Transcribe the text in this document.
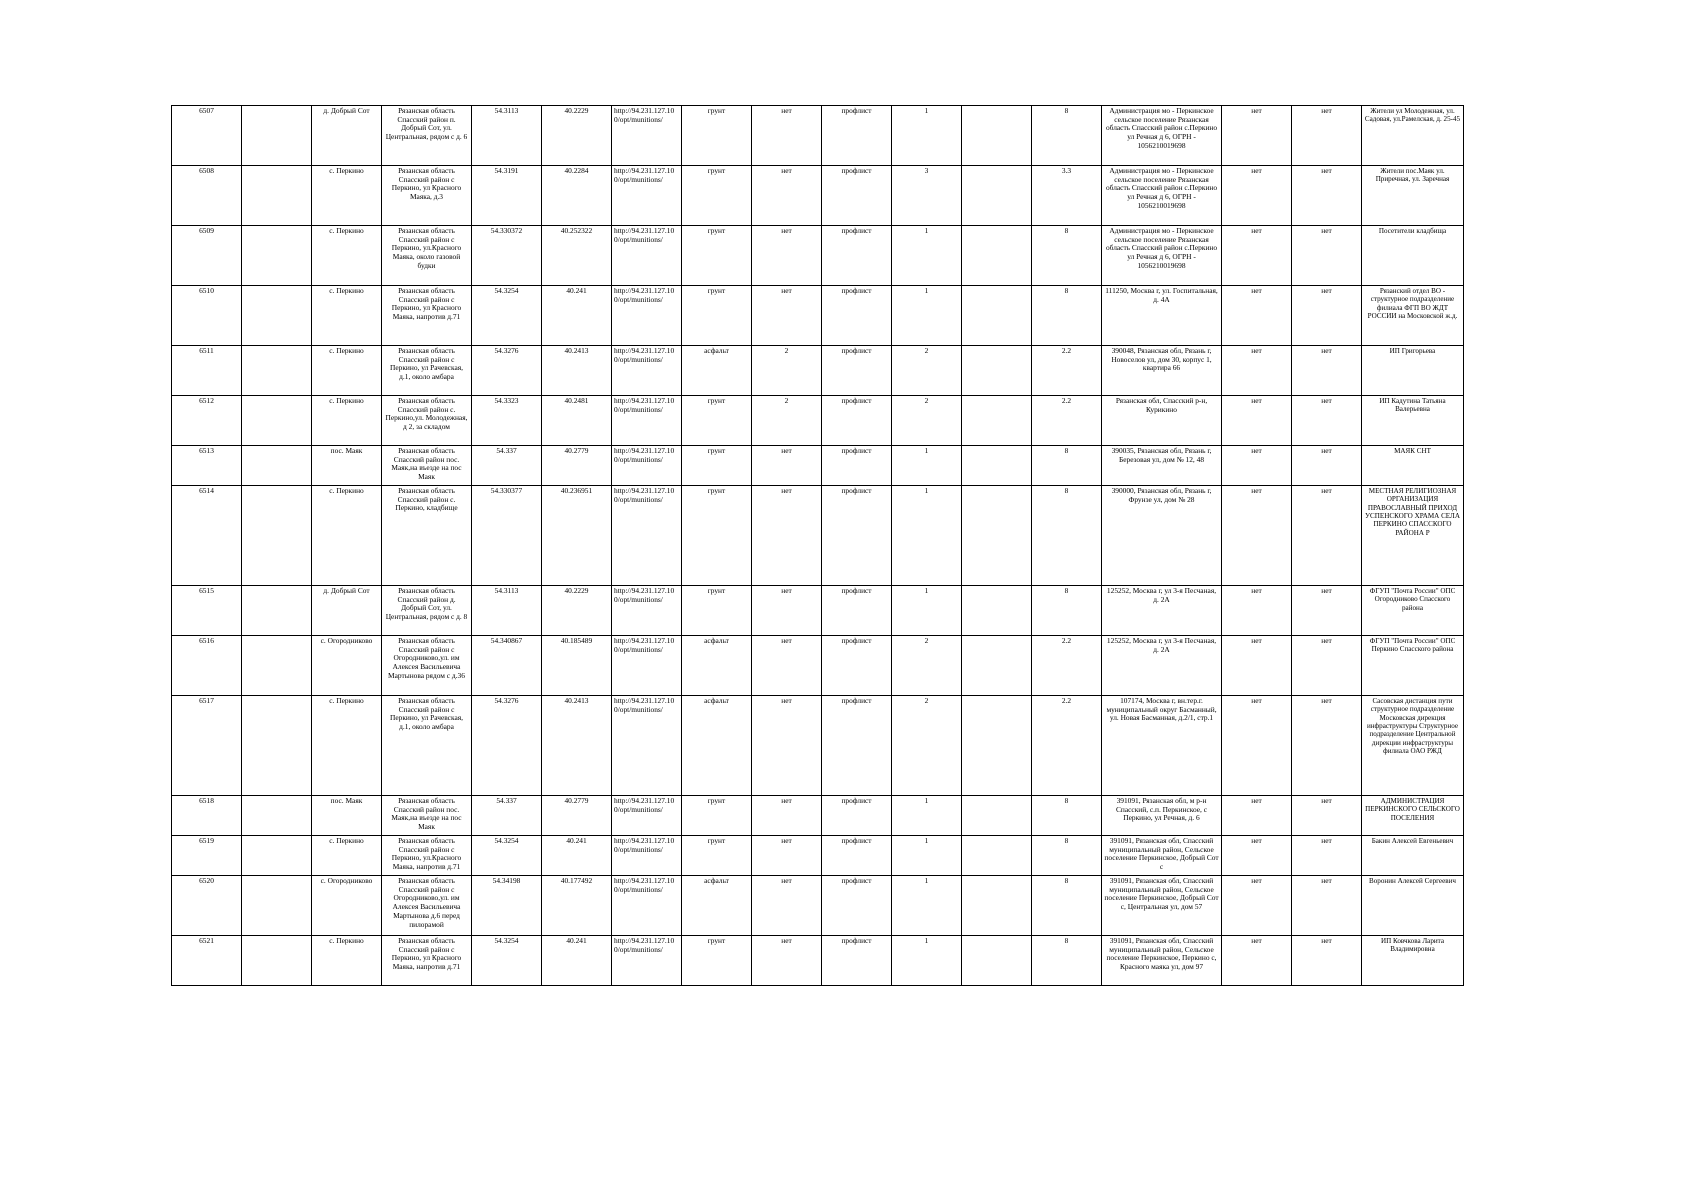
6507		д. Добрый Сот	Рязанская область Спасский район п. Добрый Сот, ул. Центральная, рядом с д. 6	54.3113	40.2229	http://94.231.127.10 0/opt/munitions/	грунт	нет	профлист	1		8	Администрация мо - Перкинское сельское поселение Рязанская область Спасский район с.Перкино ул Речная д 6, ОГРН - 1056210019698	нет	нет	Жители ул Молодежная, ул. Садовая, ул.Рамелская, д. 25-45
6508		с. Перкино	Рязанская область Спасский район с Перкино, ул Красного Маяка, д.3	54.3191	40.2284	http://94.231.127.10 0/opt/munitions/	грунт	нет	профлист	3		3.3	Администрация мо - Перкинское сельское поселение Рязанская область Спасский район с.Перкино ул Речная д 6, ОГРН - 1056210019698	нет	нет	Жители пос.Маяк ул. Приречная, ул. Заречная
6509		с. Перкино	Рязанская область Спасский район с Перкино, ул.Красного Маяка, около газовой будки	54.330372	40.252322	http://94.231.127.10 0/opt/munitions/	грунт	нет	профлист	1		8	Администрация мо - Перкинское сельское поселение Рязанская область Спасский район с.Перкино ул Речная д 6, ОГРН - 1056210019698	нет	нет	Посетители кладбища
6510		с. Перкино	Рязанская область Спасский район с Перкино, ул Красного Маяка, напротив д.71	54.3254	40.241	http://94.231.127.10 0/opt/munitions/	грунт	нет	профлист	1		8	111250, Москва г, ул. Госпитальная, д. 4А	нет	нет	Рязанский отдел ВО - структурное подразделение филиала ФГП ВО ЖДТ РОССИИ на Московской ж.д.
6511		с. Перкино	Рязанская область Спасский район с Перкино, ул Рачевская, д.1, около амбара	54.3276	40.2413	http://94.231.127.10 0/opt/munitions/	асфальт	2	профлист	2		2.2	390048, Рязанская обл, Рязань г, Новоселов ул, дом 30, корпус 1, квартира 66	нет	нет	ИП Григорьева
6512		с. Перкино	Рязанская область Спасский район с. Перкино,ул. Молодежная, д 2, за складом	54.3323	40.2481	http://94.231.127.10 0/opt/munitions/	грунт	2	профлист	2		2.2	Рязанская обл, Спасский р-н, Курикино	нет	нет	ИП Кадутина Татьяна Валерьевна
6513		пос. Маяк	Рязанская область Спасский район пос. Маяк,на въезде на пос Маяк	54.337	40.2779	http://94.231.127.10 0/opt/munitions/	грунт	нет	профлист	1		8	390035, Рязанская обл, Рязань г, Березовая ул, дом № 12, 48	нет	нет	МАЯК СНТ
6514		с. Перкино	Рязанская область Спасский район с. Перкино, кладбище	54.330377	40.236951	http://94.231.127.10 0/opt/munitions/	грунт	нет	профлист	1		8	390000, Рязанская обл, Рязань г, Фрунзе ул, дом № 28	нет	нет	МЕСТНАЯ РЕЛИГИОЗНАЯ ОРГАНИЗАЦИЯ ПРАВОСЛАВНЫЙ ПРИХОД УСПЕНСКОГО ХРАМА СЕЛА ПЕРКИНО СПАССКОГО РАЙОНА Р
6515		д. Добрый Сот	Рязанская область Спасский район д. Добрый Сот, ул. Центральная, рядом с д. 8	54.3113	40.2229	http://94.231.127.10 0/opt/munitions/	грунт	нет	профлист	1		8	125252, Москва г, ул 3-я Песчаная, д. 2А	нет	нет	ФГУП "Почта России" ОПС Огородниково Спасского района
6516		с. Огородниково	Рязанская область Спасский район с Огородниково,ул. им Алексея Васильевича Мартынова рядом с д.36	54.340867	40.185489	http://94.231.127.10 0/opt/munitions/	асфальт	нет	профлист	2		2.2	125252, Москва г, ул 3-я Песчаная, д. 2А	нет	нет	ФГУП "Почта России" ОПС Перкино Спасского района
6517		с. Перкино	Рязанская область Спасский район с Перкино, ул Рачевская, д.1, около амбара	54.3276	40.2413	http://94.231.127.10 0/opt/munitions/	асфальт	нет	профлист	2		2.2	107174, Москва г, вн.тер.г. муниципальный округ Басманный, ул. Новая Басманная, д.2/1, стр.1	нет	нет	Сасовская дистанция пути структурное подразделение Московская дирекция инфраструктуры Структурное подразделение Центральной дирекции инфраструктуры филиала ОАО РЖД
6518		пос. Маяк	Рязанская область Спасский район пос. Маяк,на въезде на пос Маяк	54.337	40.2779	http://94.231.127.10 0/opt/munitions/	грунт	нет	профлист	1		8	391091, Рязанская обл, м р-н Спасский, с.п. Перкинское, с Перкино, ул Речная, д. 6	нет	нет	АДМИНИСТРАЦИЯ ПЕРКИНСКОГО СЕЛЬСКОГО ПОСЕЛЕНИЯ
6519		с. Перкино	Рязанская область Спасский район с Перкино, ул.Красного Маяка, напротив д.71	54.3254	40.241	http://94.231.127.10 0/opt/munitions/	грунт	нет	профлист	1		8	391091, Рязанская обл, Спасский муниципальный район, Сельское поселение Перкинское, Добрый Сот с	нет	нет	Бакин Алексей Евгеньевич
6520		с. Огородниково	Рязанская область Спасский район с Огородниково,ул. им Алексея Васильевича Мартынова д.6 перед пилорамой	54.34198	40.177492	http://94.231.127.10 0/opt/munitions/	асфальт	нет	профлист	1		8	391091, Рязанская обл, Спасский муниципальный район, Сельское поселение Перкинское, Добрый Сот с, Центральная ул, дом 57	нет	нет	Воронин Алексей Сергеевич
6521		с. Перкино	Рязанская область Спасский район с Перкино, ул Красного Маяка, напротив д.71	54.3254	40.241	http://94.231.127.10 0/opt/munitions/	грунт	нет	профлист	1		8	391091, Рязанская обл, Спасский муниципальный район, Сельское поселение Перкинское, Перкино с, Красного маяка ул, дом 97	нет	нет	ИП Ковчкова Ларита Владимировна
